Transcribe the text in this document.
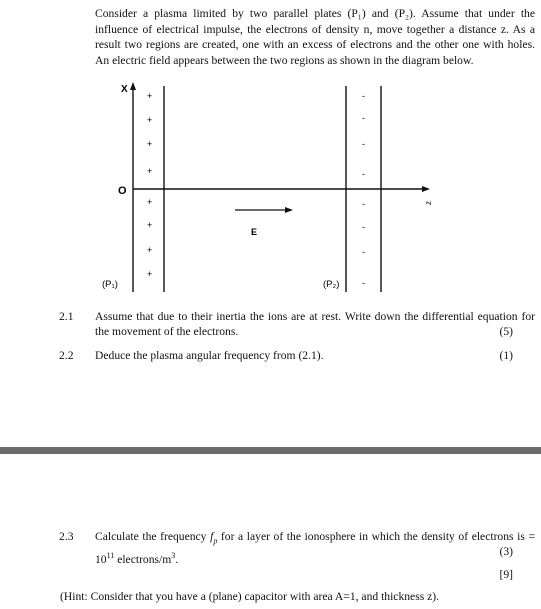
Consider a plasma limited by two parallel plates (P₁) and (P₂). Assume that under the influence of electrical impulse, the electrons of density n, move together a distance z. As a result two regions are created, one with an excess of electrons and the other one with holes. An electric field appears between the two regions as shown in the diagram below.

X
z
O
+
+
+
+
+
+
+
+
-
-
-
-
-
-
-
-
E
(P₁)	(P₂)
2.1 Assume that due to their inertia the ions are at rest. Write down the differential equation for the movement of the electrons.	(5)
2.2 Deduce the plasma angular frequency from (2.1).	(1)
2.3 Calculate the frequency $f_p$ for a layer of the ionosphere in which the density of electrons is = $10^{11}$ electrons/$m^3$.
(3)
[9]
(Hint: Consider that you have a (plane) capacitor with area A=1, and thickness z).
